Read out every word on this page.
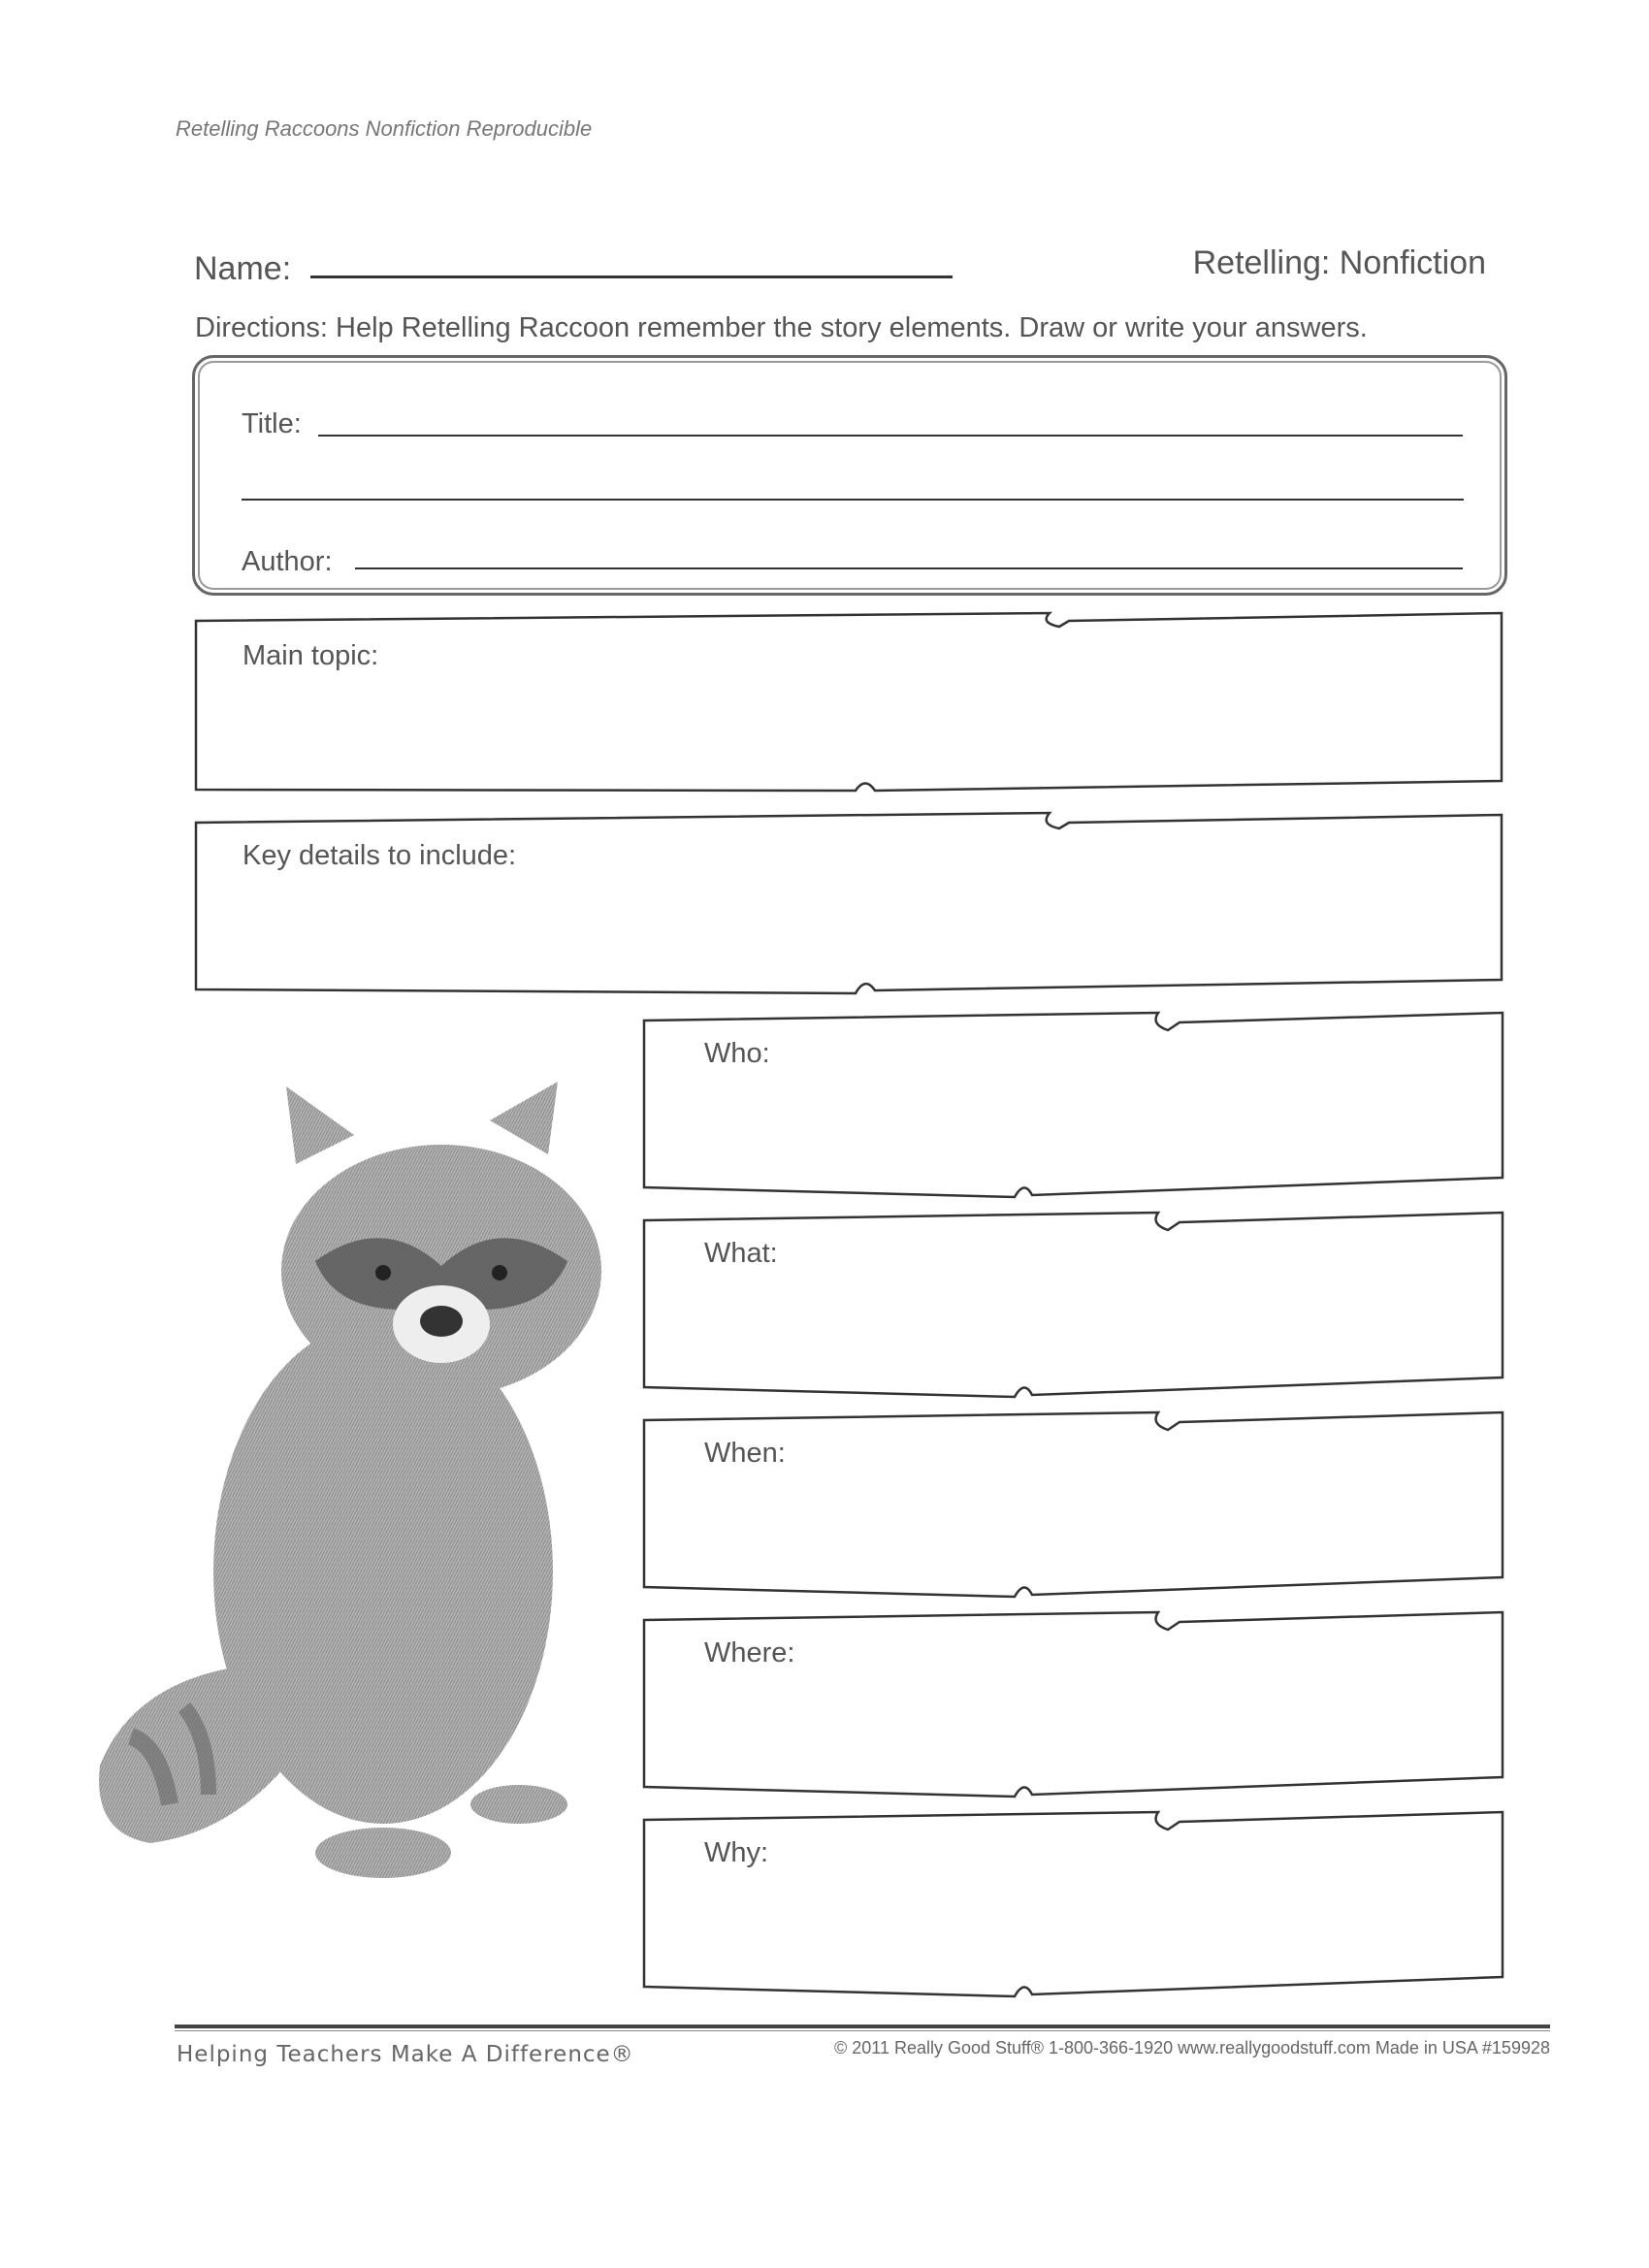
Retelling Raccoons Nonfiction Reproducible
Name:	Retelling: Nonfiction
Directions: Help Retelling Raccoon remember the story elements. Draw or write your answers.
Title:
Author:
Main topic:
Key details to include:
Who:
What:
When:
Where:
Why:
Helping Teachers Make A Difference®	© 2011 Really Good Stuff® 1-800-366-1920 www.reallygoodstuff.com Made in USA #159928
